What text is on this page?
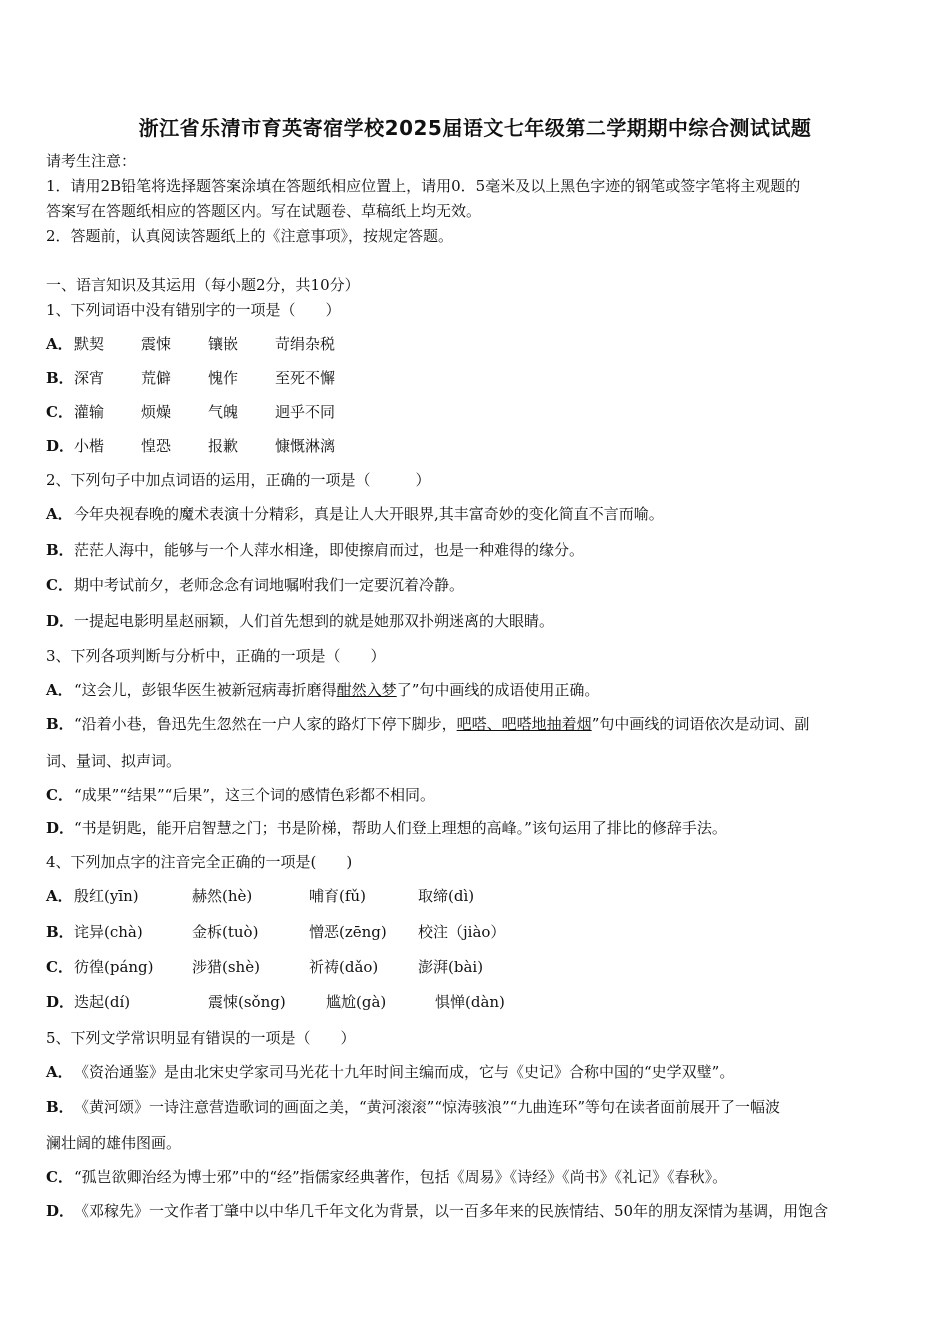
浙江省乐清市育英寄宿学校2025届语文七年级第二学期期中综合测试试题
请考生注意：
1．请用2B铅笔将选择题答案涂填在答题纸相应位置上，请用0．5毫米及以上黑色字迹的钢笔或签字笔将主观题的
答案写在答题纸相应的答题区内。写在试题卷、草稿纸上均无效。
2．答题前，认真阅读答题纸上的《注意事项》，按规定答题。
一、语言知识及其运用（每小题2分，共10分）
1、下列词语中没有错别字的一项是（　　）
A． 默契 震悚 镶嵌 苛绢杂税
B． 深宵 荒僻 愧作 至死不懈
C． 灌输 烦燥 气魄 迥乎不同
D． 小楷 惶恐 报歉 慷慨淋漓
2、下列句子中加点词语的运用，正确的一项是（　　　）
A．今年央视春晚的魔术表演十分精彩，真是让人大开眼界,其丰富奇妙的变化简直不言而喻。
B．茫茫人海中，能够与一个人萍水相逢，即使擦肩而过，也是一种难得的缘分。
C．期中考试前夕，老师念念有词地嘱咐我们一定要沉着冷静。
D．一提起电影明星赵丽颖，人们首先想到的就是她那双扑朔迷离的大眼睛。
3、下列各项判断与分析中，正确的一项是（　　）
A．“这会儿，彭银华医生被新冠病毒折磨得酣然入梦了”句中画线的成语使用正确。
B．“沿着小巷，鲁迅先生忽然在一户人家的路灯下停下脚步，吧嗒、吧嗒地抽着烟”句中画线的词语依次是动词、副
词、量词、拟声词。
C．“成果”“结果”“后果”，这三个词的感情色彩都不相同。
D．“书是钥匙，能开启智慧之门；书是阶梯，帮助人们登上理想的高峰。”该句运用了排比的修辞手法。
4、下列加点字的注音完全正确的一项是(　　)
A． 殷红(yīn)	赫然(hè)	哺育(fǔ)	取缔(dì)
B． 诧异(chà)	金柝(tuò)	憎恶(zēng) 校注（jiào）
C． 彷徨(páng)	涉猎(shè)	祈祷(dǎo)	澎湃(bài)
D． 迭起(dí)	震悚(sǒng)	尴尬(gà)	惧惮(dàn)
5、下列文学常识明显有错误的一项是（　　）
A．《资治通鉴》是由北宋史学家司马光花十九年时间主编而成，它与《史记》合称中国的“史学双璧”。
B．《黄河颂》一诗注意营造歌词的画面之美，“黄河滚滚”“惊涛骇浪”“九曲连环”等句在读者面前展开了一幅波
澜壮阔的雄伟图画。
C．“孤岂欲卿治经为博士邪”中的“经”指儒家经典著作，包括《周易》《诗经》《尚书》《礼记》《春秋》。
D．《邓稼先》一文作者丁肇中以中华几千年文化为背景，以一百多年来的民族情结、50年的朋友深情为基调，用饱含
